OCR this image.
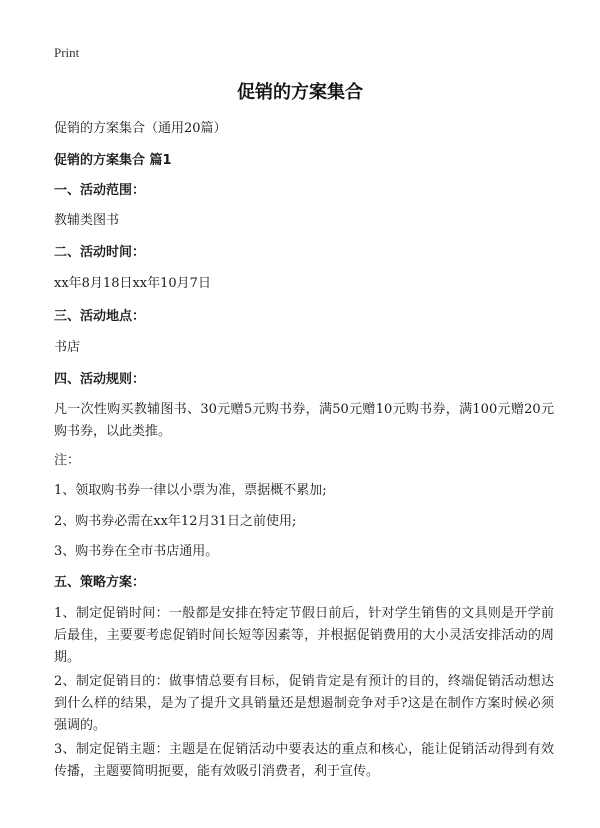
Print
促销的方案集合
促销的方案集合（通用20篇）
促销的方案集合 篇1
一、活动范围：
教辅类图书
二、活动时间：
xx年8月18日xx年10月7日
三、活动地点：
书店
四、活动规则：
凡一次性购买教辅图书、30元赠5元购书券，满50元赠10元购书券，满100元赠20元购书券，以此类推。
注：
1、领取购书券一律以小票为准，票据概不累加;
2、购书券必需在xx年12月31日之前使用;
3、购书券在全市书店通用。
五、策略方案：
1、制定促销时间：一般都是安排在特定节假日前后，针对学生销售的文具则是开学前后最佳，主要要考虑促销时间长短等因素等，并根据促销费用的大小灵活安排活动的周期。
2、制定促销目的：做事情总要有目标，促销肯定是有预计的目的，终端促销活动想达到什么样的结果，是为了提升文具销量还是想遏制竞争对手?这是在制作方案时候必须强调的。
3、制定促销主题：主题是在促销活动中要表达的重点和核心，能让促销活动得到有效传播，主题要简明扼要，能有效吸引消费者，利于宣传。
